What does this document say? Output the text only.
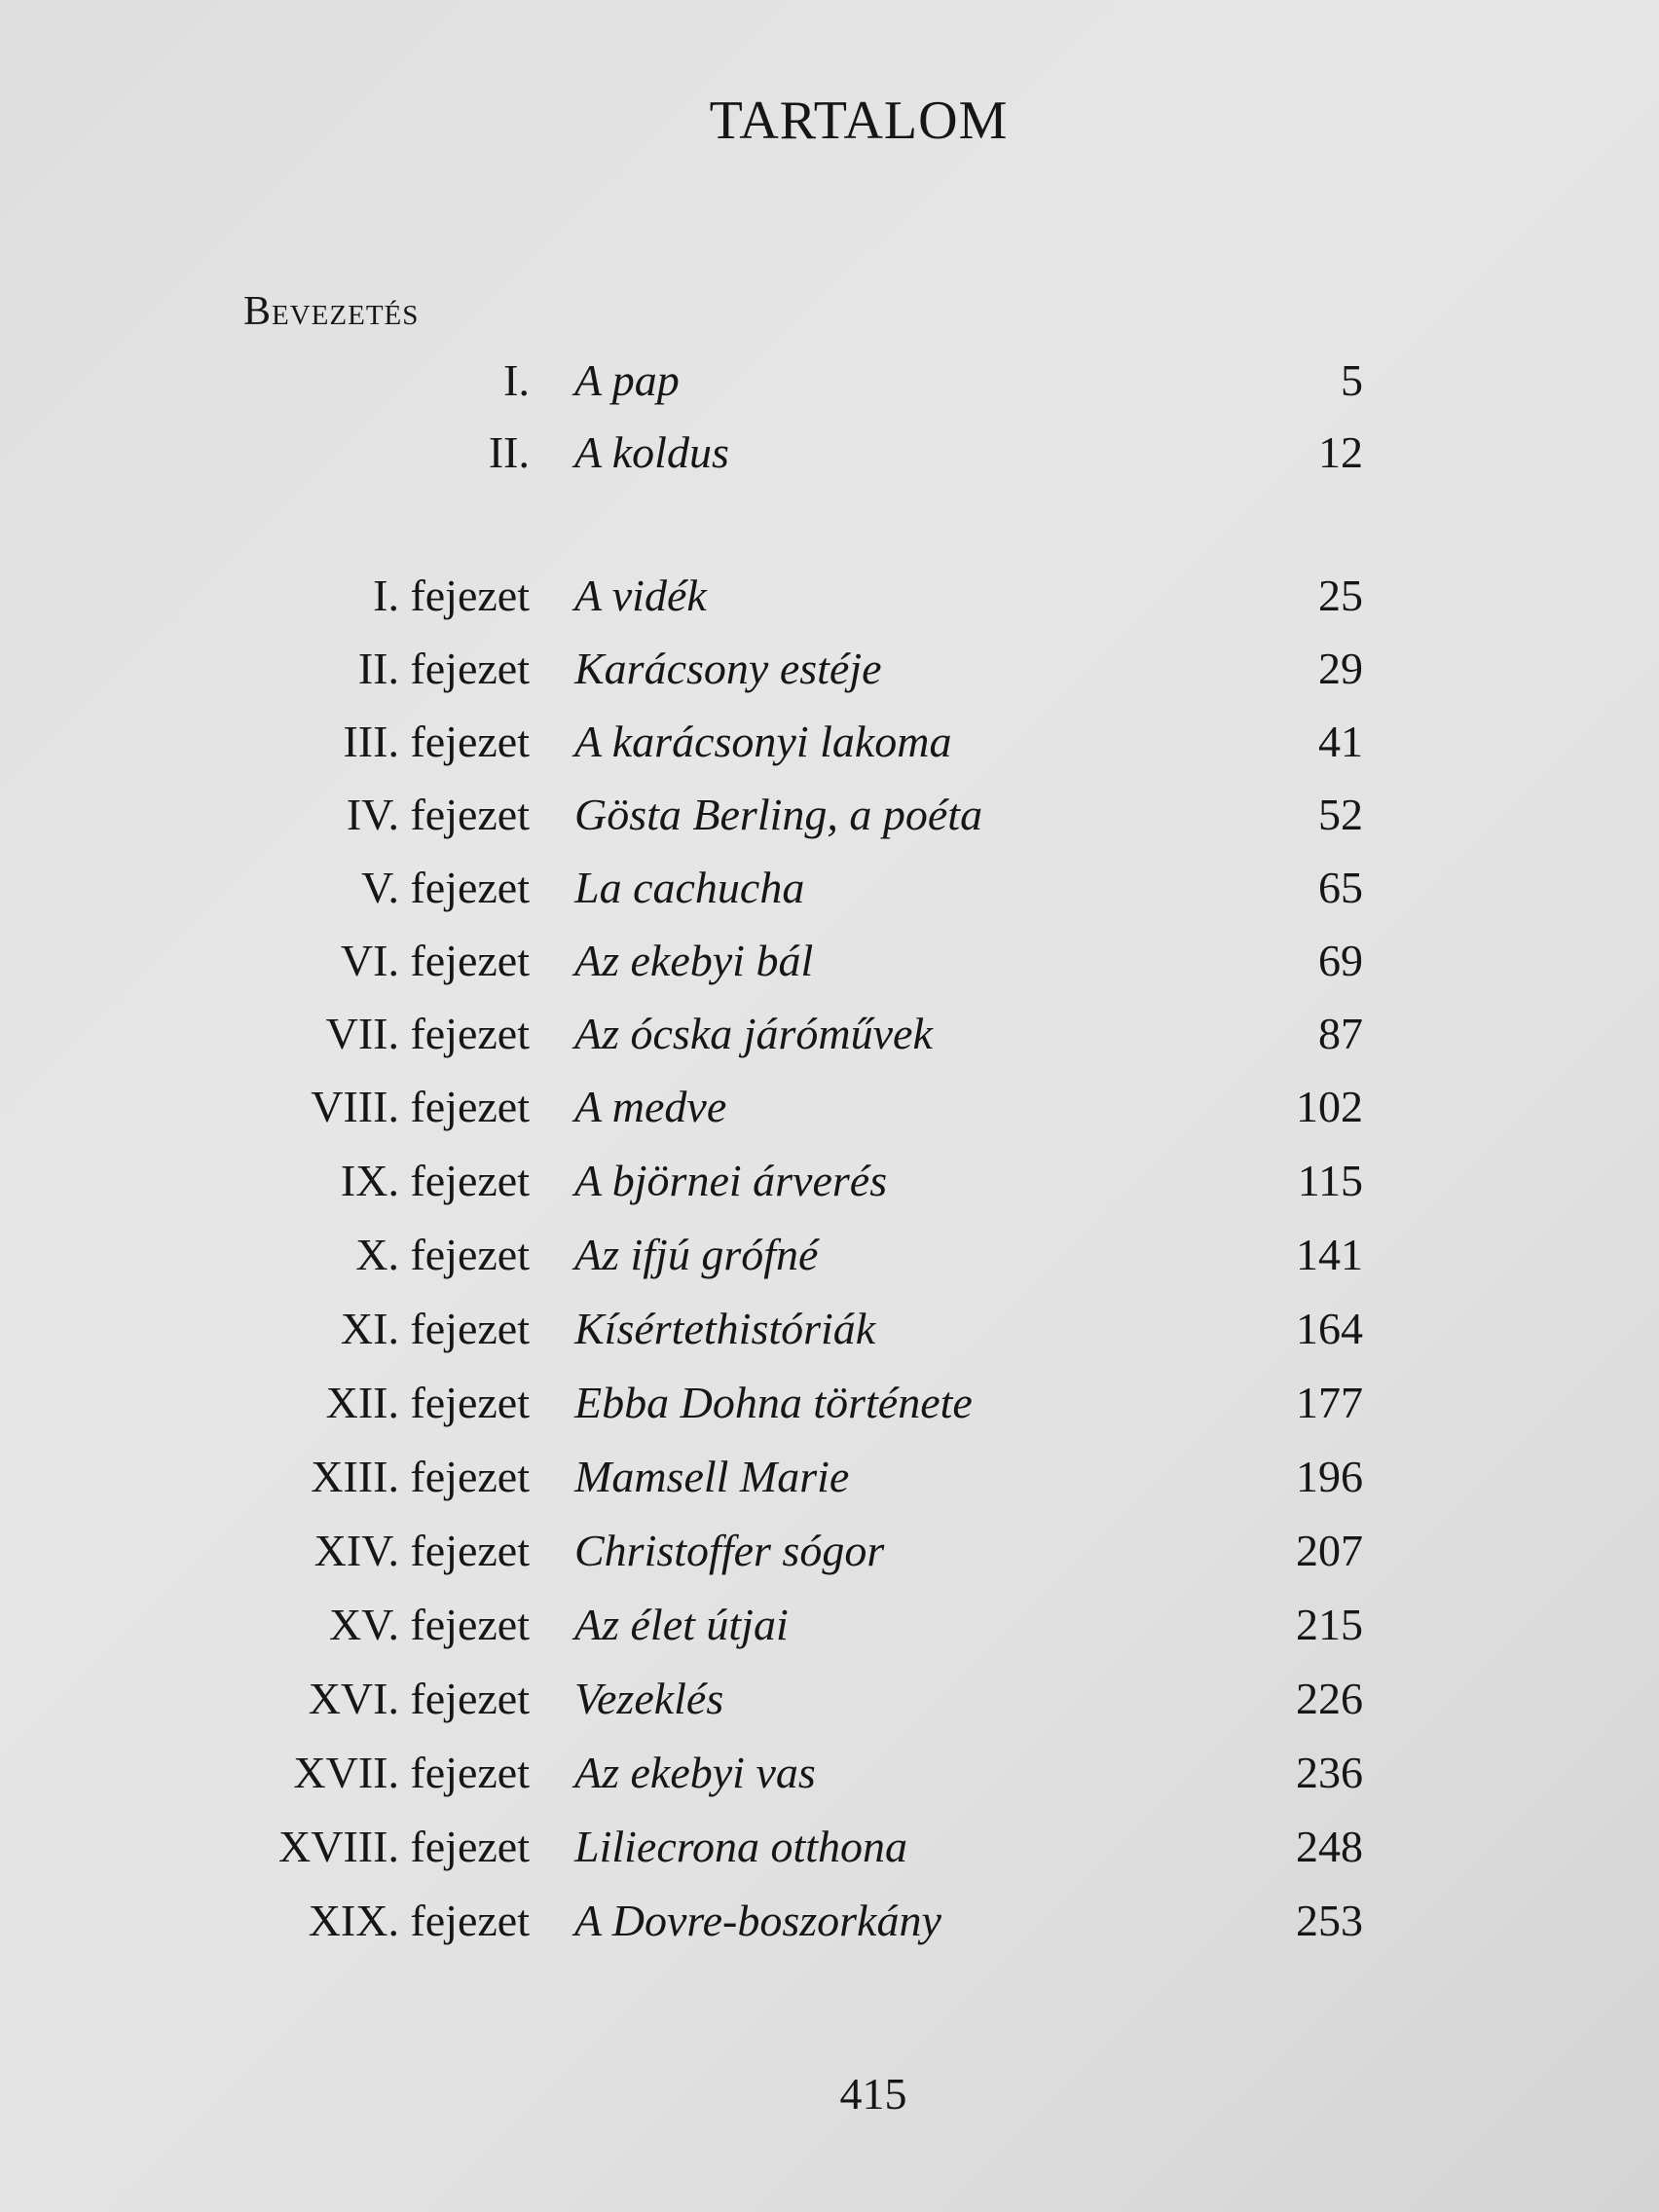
TARTALOM
Bevezetés
I. A pap	5
II. A koldus	12
I. fejezet A vidék	25
II. fejezet Karácsony estéje	29
III. fejezet A karácsonyi lakoma	41
IV. fejezet Gösta Berling, a poéta	52
V. fejezet La cachucha	65
VI. fejezet Az ekebyi bál	69
VII. fejezet Az ócska járóművek	87
VIII. fejezet A medve	102
IX. fejezet A björnei árverés	115
X. fejezet Az ifjú grófné	141
XI. fejezet Kísértethistóriák	164
XII. fejezet Ebba Dohna története	177
XIII. fejezet Mamsell Marie	196
XIV. fejezet Christoffer sógor	207
XV. fejezet Az élet útjai	215
XVI. fejezet Vezeklés	226
XVII. fejezet Az ekebyi vas	236
XVIII. fejezet Liliecrona otthona	248
XIX. fejezet A Dovre-boszorkány	253
415
